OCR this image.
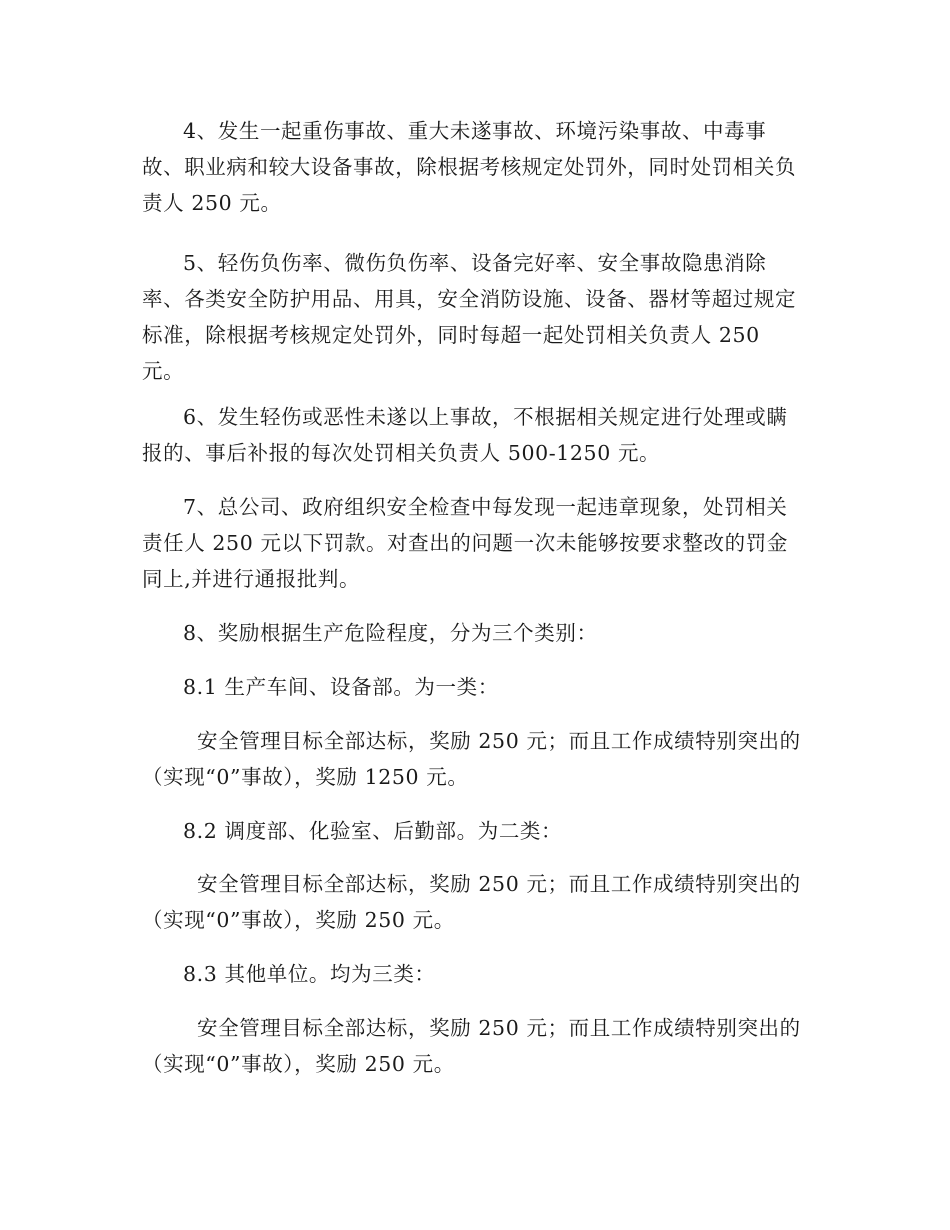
4、发生一起重伤事故、重大未遂事故、环境污染事故、中毒事故、职业病和较大设备事故，除根据考核规定处罚外，同时处罚相关负责人 250 元。

5、轻伤负伤率、微伤负伤率、设备完好率、安全事故隐患消除率、各类安全防护用品、用具，安全消防设施、设备、器材等超过规定标准，除根据考核规定处罚外，同时每超一起处罚相关负责人 250 元。

6、发生轻伤或恶性未遂以上事故，不根据相关规定进行处理或瞒报的、事后补报的每次处罚相关负责人 500-1250 元。

7、总公司、政府组织安全检查中每发现一起违章现象，处罚相关责任人 250 元以下罚款。对查出的问题一次未能够按要求整改的罚金同上,并进行通报批判。

8、奖励根据生产危险程度，分为三个类别：

8.1 生产车间、设备部。为一类：

安全管理目标全部达标，奖励 250 元；而且工作成绩特别突出的（实现“0”事故），奖励 1250 元。

8.2 调度部、化验室、后勤部。为二类：

安全管理目标全部达标，奖励 250 元；而且工作成绩特别突出的（实现“0”事故），奖励 250 元。

8.3 其他单位。均为三类：

安全管理目标全部达标，奖励 250 元；而且工作成绩特别突出的（实现“0”事故），奖励 250 元。
